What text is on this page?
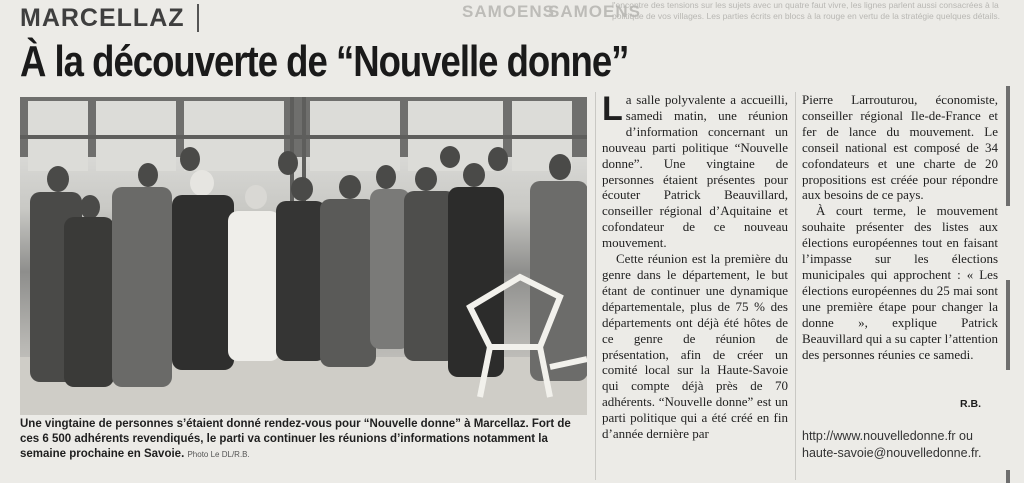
SAMOENS
SAMOENS
l'encontre des tensions sur les sujets avec un quatre faut vivre, les lignes parlent aussi consacrées à la politique de vos villages. Les parties écrits en blocs à la rouge en vertu de la stratégie quelques détails.
MARCELLAZ
À la découverte de “Nouvelle donne”
Une vingtaine de personnes s’étaient donné rendez-vous pour “Nouvelle donne” à Marcellaz. Fort de ces 6 500 adhérents revendiqués, le parti va continuer les réunions d’informations notamment la semaine prochaine en Savoie. Photo Le DL/R.B.

La salle polyvalente a accueilli, samedi matin, une réunion d’information concernant un nouveau parti politique “Nouvelle donne”. Une vingtaine de personnes étaient présentes pour écouter Patrick Beauvillard, conseiller régional d’Aquitaine et cofondateur de ce nouveau mouvement.

Cette réunion est la première du genre dans le département, le but étant de continuer une dynamique départementale, plus de 75 % des départements ont déjà été hôtes de ce genre de réunion de présentation, afin de créer un comité local sur la Haute-Savoie qui compte déjà près de 70 adhérents. “Nouvelle donne” est un parti politique qui a été créé en fin d’année dernière par

Pierre Larrouturou, économiste, conseiller régional Ile-de-France et fer de lance du mouvement. Le conseil national est composé de 34 cofondateurs et une charte de 20 propositions est créée pour répondre aux besoins de ce pays.

À court terme, le mouvement souhaite présenter des listes aux élections européennes tout en faisant l’impasse sur les élections municipales qui approchent : « Les élections européennes du 25 mai sont une première étape pour changer la donne », explique Patrick Beauvillard qui a su capter l’attention des personnes réunies ce samedi.

R.B.
http://www.nouvelledonne.fr ou
haute-savoie@nouvelledonne.fr.
